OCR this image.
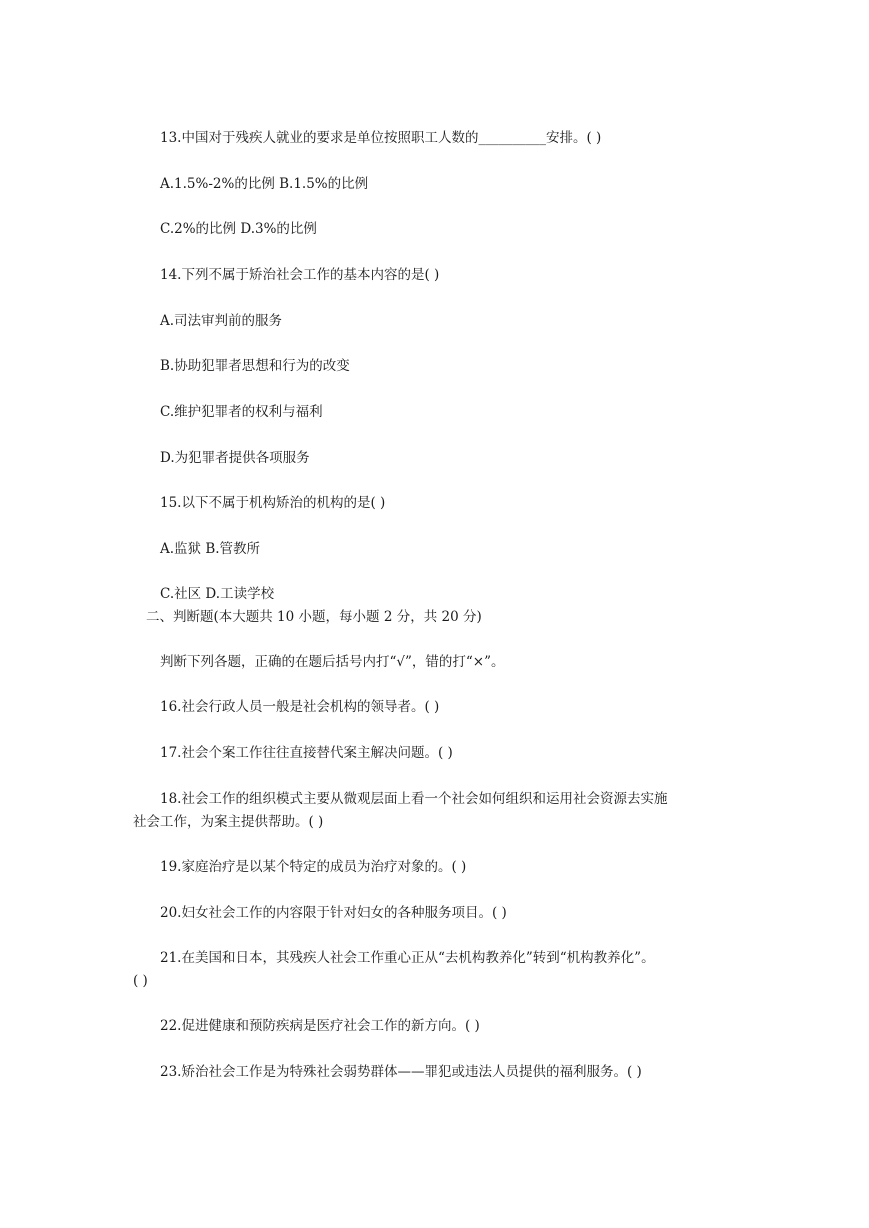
13.中国对于残疾人就业的要求是单位按照职工人数的__________安排。( )

A.1.5%-2%的比例 B.1.5%的比例

C.2%的比例 D.3%的比例

14.下列不属于矫治社会工作的基本内容的是( )

A.司法审判前的服务

B.协助犯罪者思想和行为的改变

C.维护犯罪者的权利与福利

D.为犯罪者提供各项服务

15.以下不属于机构矫治的机构的是( )

A.监狱 B.管教所

C.社区 D.工读学校

二、判断题(本大题共 10 小题，每小题 2 分，共 20 分)

判断下列各题，正确的在题后括号内打“√”，错的打“×”。

16.社会行政人员一般是社会机构的领导者。( )

17.社会个案工作往往直接替代案主解决问题。( )

18.社会工作的组织模式主要从微观层面上看一个社会如何组织和运用社会资源去实施

社会工作，为案主提供帮助。( )

19.家庭治疗是以某个特定的成员为治疗对象的。( )

20.妇女社会工作的内容限于针对妇女的各种服务项目。( )

21.在美国和日本，其残疾人社会工作重心正从“去机构教养化”转到“机构教养化”。

( )

22.促进健康和预防疾病是医疗社会工作的新方向。( )

23.矫治社会工作是为特殊社会弱势群体——罪犯或违法人员提供的福利服务。( )
